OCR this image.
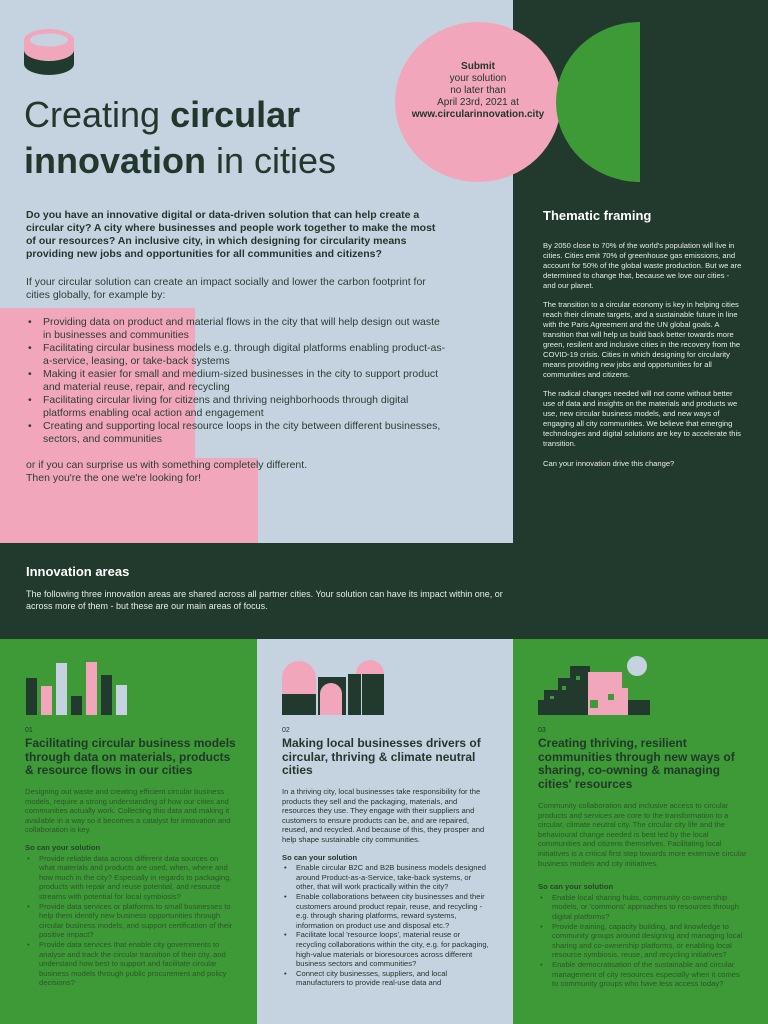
Creating circular
innovation in cities
Do you have an innovative digital or data-driven solution that can help create a circular city? A city where businesses and people work together to make the most of our resources? An inclusive city, in which designing for circularity means providing new jobs and opportunities for all communities and citizens?
If your circular solution can create an impact socially and lower the carbon footprint for cities globally, for example by:
• Providing data on product and material flows in the city that will help design out waste in businesses and communities
• Facilitating circular business models e.g. through digital platforms enabling product-as-a-service, leasing, or take-back systems
• Making it easier for small and medium-sized businesses in the city to support product and material reuse, repair, and recycling
• Facilitating circular living for citizens and thriving neighborhoods through digital platforms enabling ocal action and engagement
• Creating and supporting local resource loops in the city between different businesses, sectors, and communities
or if you can surprise us with something completely different.
Then you're the one we're looking for!
Submit
your solution
no later than
April 23rd, 2021 at
www.circularinnovation.city
Thematic framing

By 2050 close to 70% of the world's population will live in cities. Cities emit 70% of greenhouse gas emissions, and account for 50% of the global waste production. But we are determined to change that, because we love our cities - and our planet.

The transition to a circular economy is key in helping cities reach their climate targets, and a sustainable future in line with the Paris Agreement and the UN global goals. A transition that will help us build back better towards more green, resilient and inclusive cities in the recovery from the COVID-19 crisis. Cities in which designing for circularity means providing new jobs and opportunities for all communities and citizens.

The radical changes needed will not come without better use of data and insights on the materials and products we use, new circular business models, and new ways of engaging all city communities. We believe that emerging technologies and digital solutions are key to accelerate this transition.

Can your innovation drive this change?

Innovation areas
The following three innovation areas are shared across all partner cities. Your solution can have its impact within one, or across more of them - but these are our main areas of focus.
01
Facilitating circular business models through data on materials, products & resource flows in our cities
Designing out waste and creating efficient circular business models, require a strong understanding of how our cities and communities actually work. Collecting this data and making it available in a way so it becomes a catalyst for innovation and collaboration is key.
So can your solution
• Provide reliable data across different data sources on what materials and products are used, when, where and how much in the city? Especially in regards to packaging, products with repair and reuse potential, and resource streams with potential for local symbiosis?
• Provide data services or platforms to small businesses to help them identify new business opportunities through circular business models, and support certification of their positive impact?
• Provide data services that enable city governments to analyse and track the circular transition of their city, and understand how best to support and facilitate circular business models through public procurement and policy decisions?
02
Making local businesses drivers of circular, thriving & climate neutral cities
In a thriving city, local businesses take responsibility for the products they sell and the packaging, materials, and resources they use. They engage with their suppliers and customers to ensure products can be, and are repaired, reused, and recycled. And because of this, they prosper and help shape sustainable city communities.
So can your solution
• Enable circular B2C and B2B business models designed around Product-as-a-Service, take-back systems, or other, that will work practically within the city?
• Enable collaborations between city businesses and their customers around product repair, reuse, and recycling - e.g. through sharing platforms, reward systems, information on product use and disposal etc.?
• Facilitate local 'resource loops', material reuse or recycling collaborations within the city, e.g. for packaging, high-value materials or bioresources across different business sectors and communities?
• Connect city businesses, suppliers, and local manufacturers to provide real-use data and
03
Creating thriving, resilient communities through new ways of sharing, co-owning & managing cities' resources
Community collaboration and inclusive access to circular products and services are core to the transformation to a circular, climate neutral city. The circular city life and the behavioural change needed is best led by the local communities and citizens themselves. Facilitating local initiatives is a critical first step towards more extensive circular business models and city initiatives.
So can your solution
• Enable local sharing hubs, community co-ownership models, or 'commons' approaches to resources through digital platforms?
• Provide training, capacity building, and knowledge to community groups around designing and managing local sharing and co-ownership platforms, or enabling local resource symbiosis, reuse, and recycling initiatives?
• Enable democratisation of the sustainable and circular management of city resources especially when it comes to community groups who have less access today?
